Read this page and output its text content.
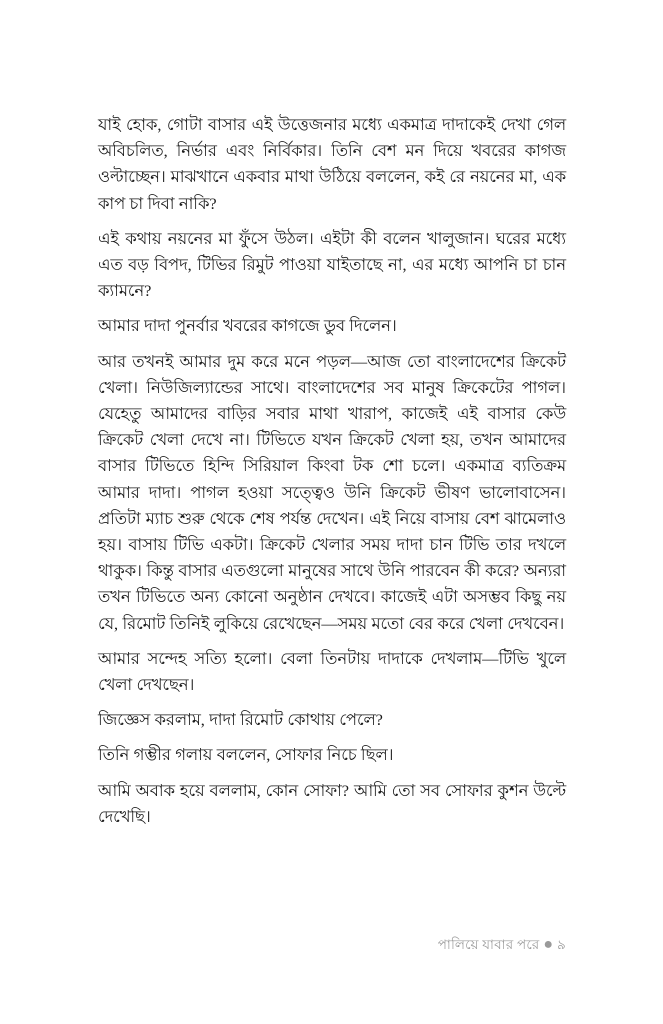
যাই হোক, গোটা বাসার এই উত্তেজনার মধ্যে একমাত্র দাদাকেই দেখা গেল অবিচলিত, নির্ভার এবং নির্বিকার। তিনি বেশ মন দিয়ে খবরের কাগজ ওল্টাচ্ছেন। মাঝখানে একবার মাথা উঠিয়ে বললেন, কই রে নয়নের মা, এক কাপ চা দিবা নাকি?

এই কথায় নয়নের মা ফুঁসে উঠল। এইটা কী বলেন খালুজান। ঘরের মধ্যে এত বড় বিপদ, টিভির রিমুট পাওয়া যাইতাছে না, এর মধ্যে আপনি চা চান ক্যামনে?

আমার দাদা পুনর্বার খবরের কাগজে ডুব দিলেন।

আর তখনই আমার দুম করে মনে পড়ল—আজ তো বাংলাদেশের ক্রিকেট খেলা। নিউজিল্যান্ডের সাথে। বাংলাদেশের সব মানুষ ক্রিকেটের পাগল। যেহেতু আমাদের বাড়ির সবার মাথা খারাপ, কাজেই এই বাসার কেউ ক্রিকেট খেলা দেখে না। টিভিতে যখন ক্রিকেট খেলা হয়, তখন আমাদের বাসার টিভিতে হিন্দি সিরিয়াল কিংবা টক শো চলে। একমাত্র ব্যতিক্রম আমার দাদা। পাগল হওয়া সত্ত্বেও উনি ক্রিকেট ভীষণ ভালোবাসেন। প্রতিটা ম্যাচ শুরু থেকে শেষ পর্যন্ত দেখেন। এই নিয়ে বাসায় বেশ ঝামেলাও হয়। বাসায় টিভি একটা। ক্রিকেট খেলার সময় দাদা চান টিভি তার দখলে থাকুক। কিন্তু বাসার এতগুলো মানুষের সাথে উনি পারবেন কী করে? অন্যরা তখন টিভিতে অন্য কোনো অনুষ্ঠান দেখবে। কাজেই এটা অসম্ভব কিছু নয় যে, রিমোট তিনিই লুকিয়ে রেখেছেন—সময় মতো বের করে খেলা দেখবেন।

আমার সন্দেহ সত্যি হলো। বেলা তিনটায় দাদাকে দেখলাম—টিভি খুলে খেলা দেখছেন।

জিজ্ঞেস করলাম, দাদা রিমোট কোথায় পেলে?

তিনি গম্ভীর গলায় বললেন, সোফার নিচে ছিল।

আমি অবাক হয়ে বললাম, কোন সোফা? আমি তো সব সোফার কুশন উল্টে দেখেছি।

পালিয়ে যাবার পরে ● ৯
